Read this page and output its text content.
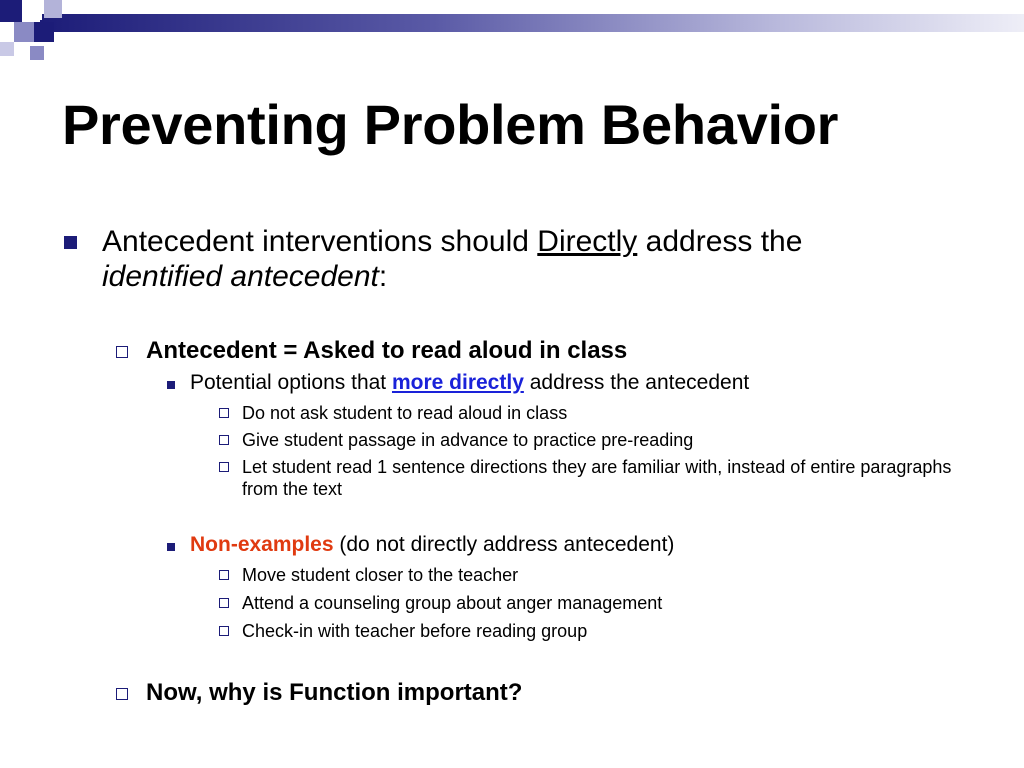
Preventing Problem Behavior
Antecedent interventions should Directly address the
identified antecedent:
Antecedent = Asked to read aloud in class
Potential options that more directly address the antecedent
Do not ask student to read aloud in class
Give student passage in advance to practice pre-reading
Let student read 1 sentence directions they are familiar with, instead of entire paragraphs from the text
Non-examples (do not directly address antecedent)
Move student closer to the teacher
Attend a counseling group about anger management
Check-in with teacher before reading group
Now, why is Function important?
